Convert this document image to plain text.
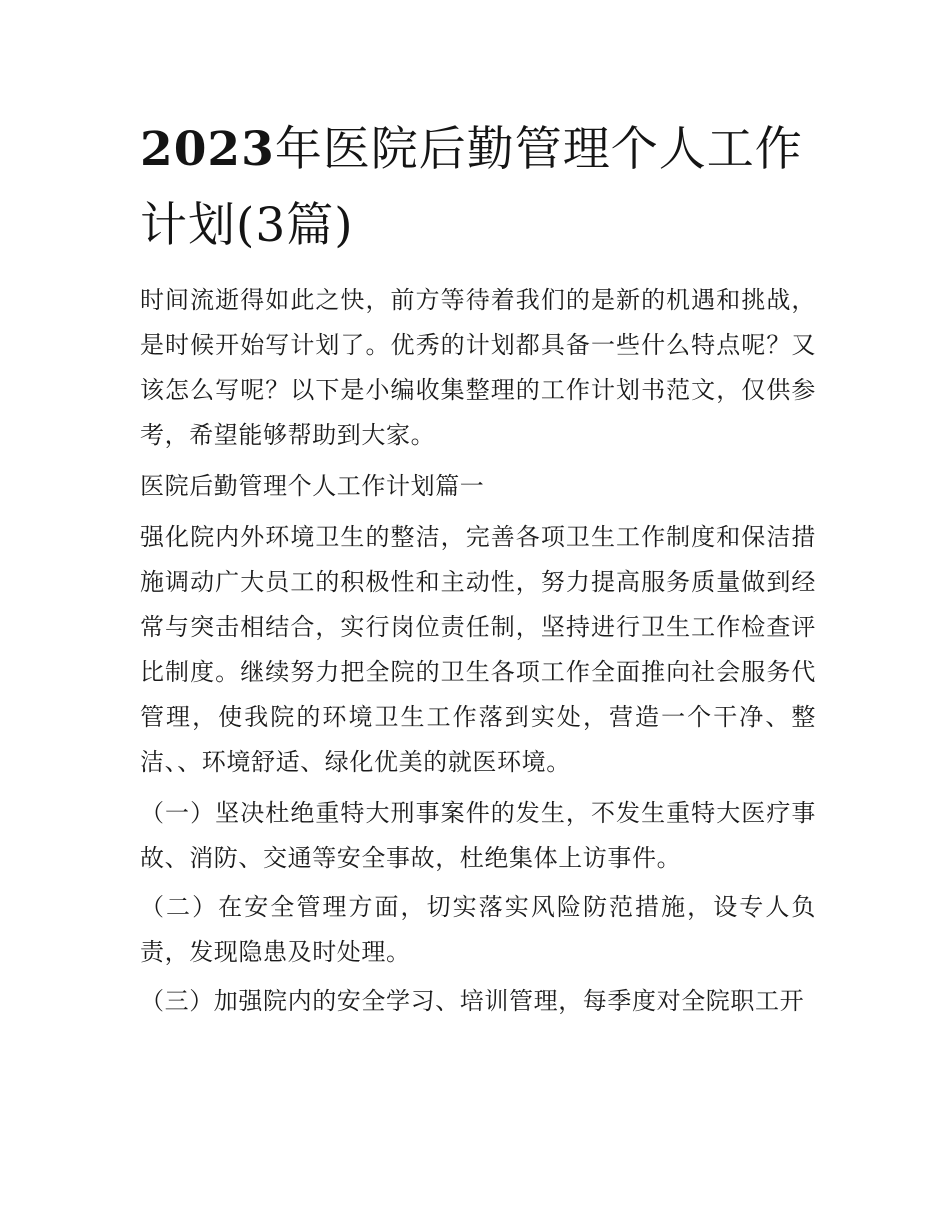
2023年医院后勤管理个人工作计划(3篇)

时间流逝得如此之快，前方等待着我们的是新的机遇和挑战，是时候开始写计划了。优秀的计划都具备一些什么特点呢？又该怎么写呢？以下是小编收集整理的工作计划书范文，仅供参考，希望能够帮助到大家。

医院后勤管理个人工作计划篇一

强化院内外环境卫生的整洁，完善各项卫生工作制度和保洁措施调动广大员工的积极性和主动性，努力提高服务质量做到经常与突击相结合，实行岗位责任制，坚持进行卫生工作检查评比制度。继续努力把全院的卫生各项工作全面推向社会服务代管理，使我院的环境卫生工作落到实处，营造一个干净、整洁、、环境舒适、绿化优美的就医环境。

（一）坚决杜绝重特大刑事案件的发生，不发生重特大医疗事故、消防、交通等安全事故，杜绝集体上访事件。

（二）在安全管理方面，切实落实风险防范措施，设专人负责，发现隐患及时处理。

（三）加强院内的安全学习、培训管理，每季度对全院职工开
